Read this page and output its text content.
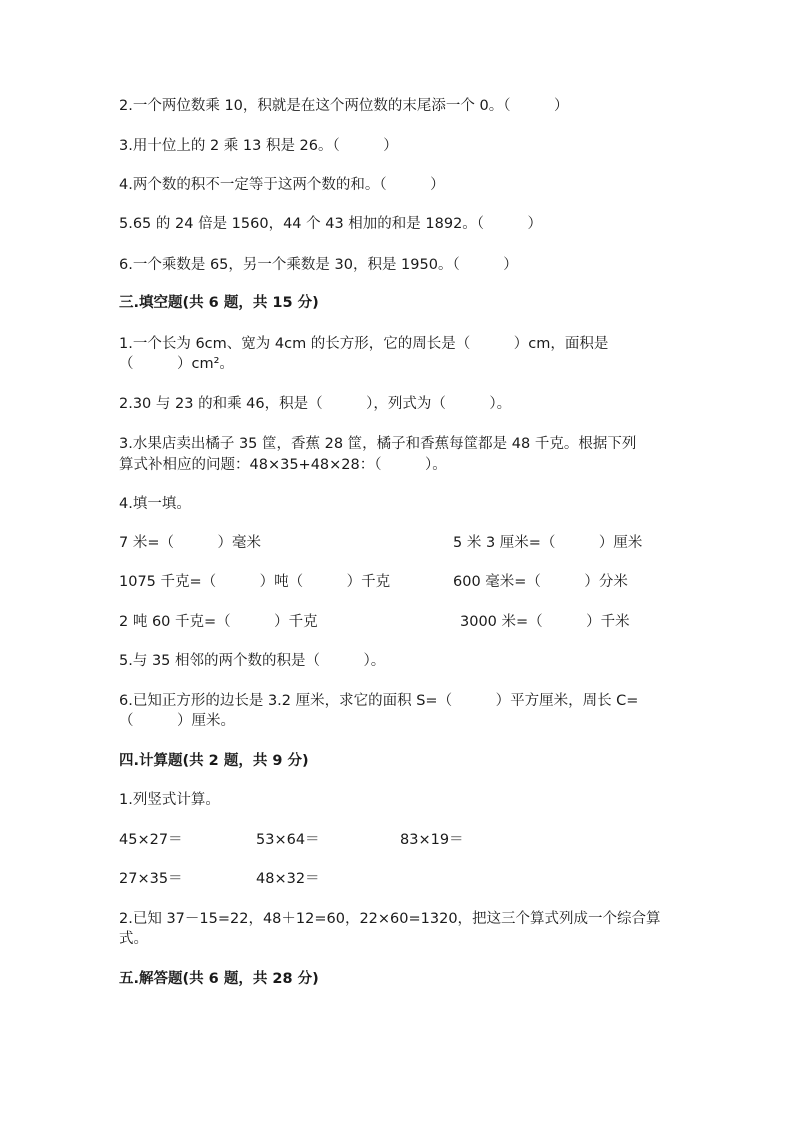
2.一个两位数乘 10，积就是在这个两位数的末尾添一个 0。（　　　）
3.用十位上的 2 乘 13 积是 26。（　　　）
4.两个数的积不一定等于这两个数的和。（　　　）
5.65 的 24 倍是 1560，44 个 43 相加的和是 1892。（　　　）
6.一个乘数是 65，另一个乘数是 30，积是 1950。（　　　）
三.填空题(共 6 题，共 15 分)
1.一个长为 6cm、宽为 4cm 的长方形，它的周长是（　　　）cm，面积是
（　　　）cm²。
2.30 与 23 的和乘 46，积是（　　　），列式为（　　　）。
3.水果店卖出橘子 35 筐，香蕉 28 筐，橘子和香蕉每筐都是 48 千克。根据下列
算式补相应的问题：48×35+48×28：（　　　）。
4.填一填。
7 米=（　　　）毫米	5 米 3 厘米=（　　　）厘米
1075 千克=（　　　）吨（　　　）千克	600 毫米=（　　　）分米
2 吨 60 千克=（　　　）千克	3000 米=（　　　）千米
5.与 35 相邻的两个数的积是（　　　）。
6.已知正方形的边长是 3.2 厘米，求它的面积 S=（　　　）平方厘米，周长 C=
（　　　）厘米。
四.计算题(共 2 题，共 9 分)
1.列竖式计算。
45×27＝	53×64＝	83×19＝
27×35＝	48×32＝
2.已知 37－15=22，48＋12=60，22×60=1320，把这三个算式列成一个综合算
式。
五.解答题(共 6 题，共 28 分)
